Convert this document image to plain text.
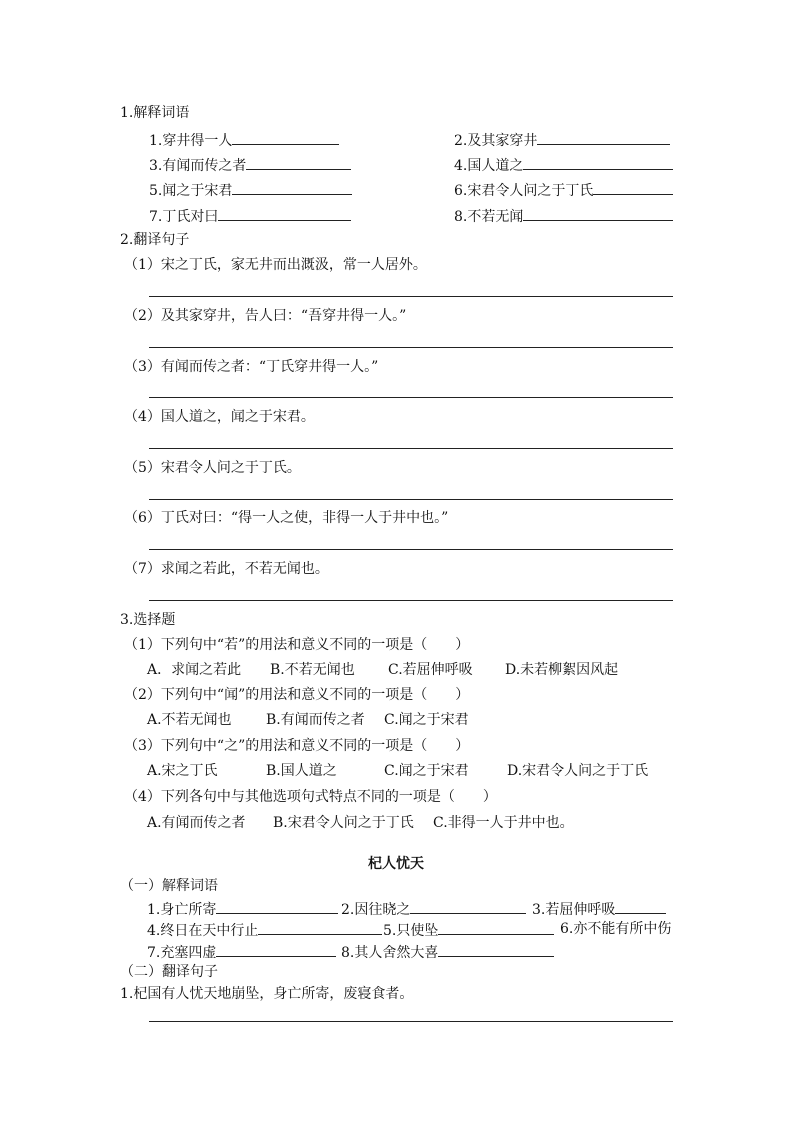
1.解释词语
1.穿井得一人	2.及其家穿井
3.有闻而传之者	4.国人道之
5.闻之于宋君	6.宋君令人问之于丁氏
7.丁氏对曰	8.不若无闻
2.翻译句子
（1）宋之丁氏，家无井而出溉汲，常一人居外。
（2）及其家穿井，告人曰：“吾穿井得一人。”
（3）有闻而传之者：“丁氏穿井得一人。”
（4）国人道之，闻之于宋君。
（5）宋君令人问之于丁氏。
（6）丁氏对曰：“得一人之使，非得一人于井中也。”
（7）求闻之若此，不若无闻也。
3.选择题
（1）下列句中“若”的用法和意义不同的一项是（　　）
A．求闻之若此 B.不若无闻也 C.若屈伸呼吸 D.未若柳絮因风起
（2）下列句中“闻”的用法和意义不同的一项是（　　）
A.不若无闻也 B.有闻而传之者 C.闻之于宋君
（3）下列句中“之”的用法和意义不同的一项是（　　）
A.宋之丁氏	B.国人道之	C.闻之于宋君	D.宋君令人问之于丁氏
（4）下列各句中与其他选项句式特点不同的一项是（　　）
A.有闻而传之者 B.宋君令人问之于丁氏 C.非得一人于井中也。
杞人忧天
（一）解释词语
1.身亡所寄	2.因往晓之	3.若屈伸呼吸
4.终日在天中行止	5.只使坠	6.亦不能有所中伤
7.充塞四虚	8.其人舍然大喜
（二）翻译句子
1.杞国有人忧天地崩坠，身亡所寄，废寝食者。
